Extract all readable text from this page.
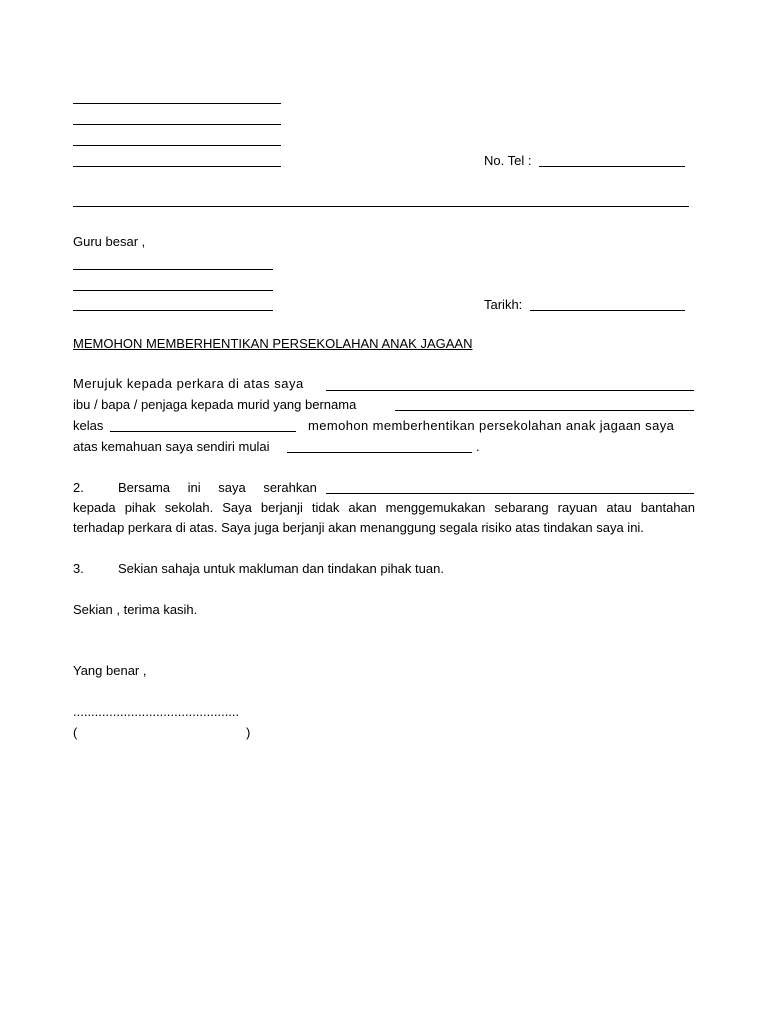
No. Tel :
Guru besar ,
Tarikh:
MEMOHON MEMBERHENTIKAN PERSEKOLAHAN ANAK JAGAAN
Merujuk kepada perkara di atas saya
ibu / bapa / penjaga kepada murid yang bernama
kelas	memohon memberhentikan persekolahan anak jagaan saya
atas kemahuan saya sendiri mulai	.
2.	Bersama ini saya serahkan
kepada pihak sekolah. Saya berjanji tidak akan menggemukakan sebarang rayuan atau bantahan
terhadap perkara di atas. Saya juga berjanji akan menanggung segala risiko atas tindakan saya ini.
3.	Sekian sahaja untuk makluman dan tindakan pihak tuan.
Sekian , terima kasih.
Yang benar ,
..............................................
(	)
